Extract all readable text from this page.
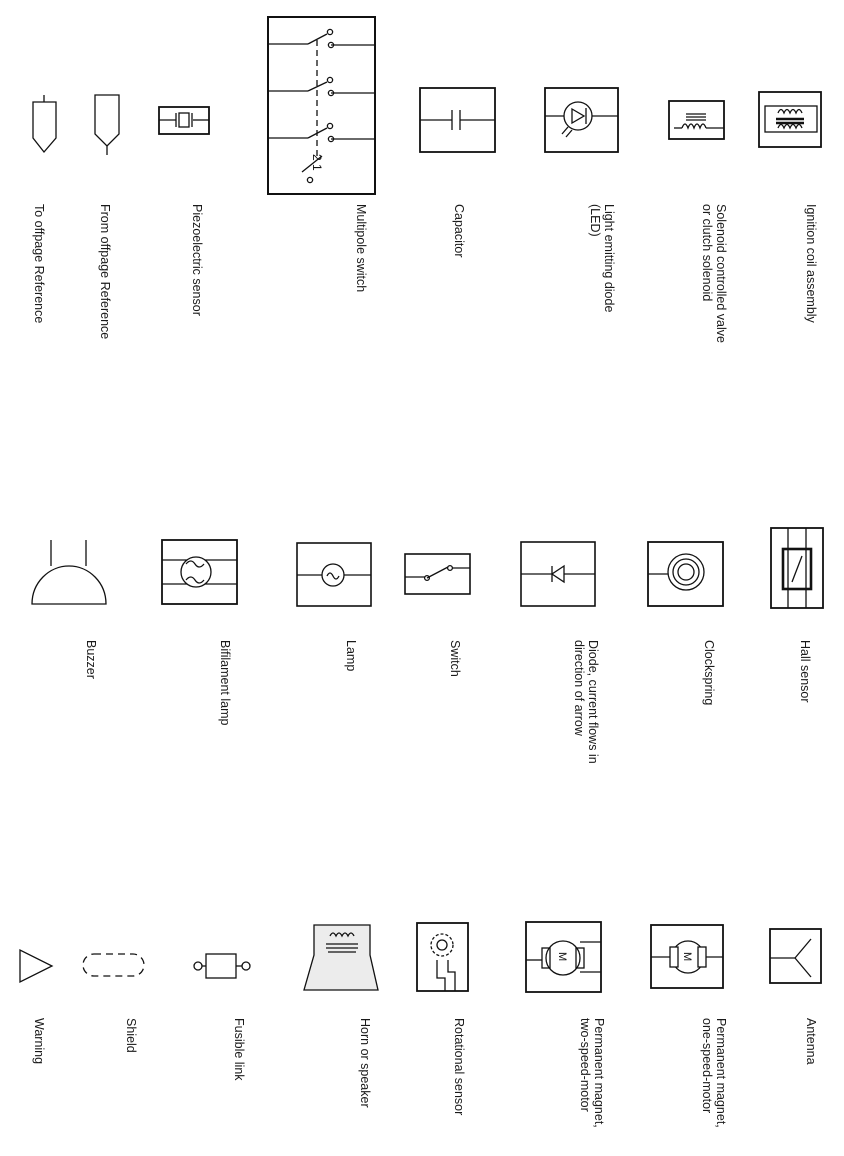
2 1
M	M
To offpage Reference	From offpage Reference	Piezoelectric sensor	Multipole switch	Capacitor	Light emitting diode
(LED)	Solenoid controlled valve
or clutch solenoid	Ignition coil assembly
Buzzer	Bifilament lamp	Lamp	Switch	Diode, current flows in
direction of arrow
Clockspring	Hall sensor
Warning	Shield	Fusible link	Horn or speaker	Rotational sensor	Permanent magnet,
two-speed-motor	Permanent magnet,
one-speed-motor	Antenna
